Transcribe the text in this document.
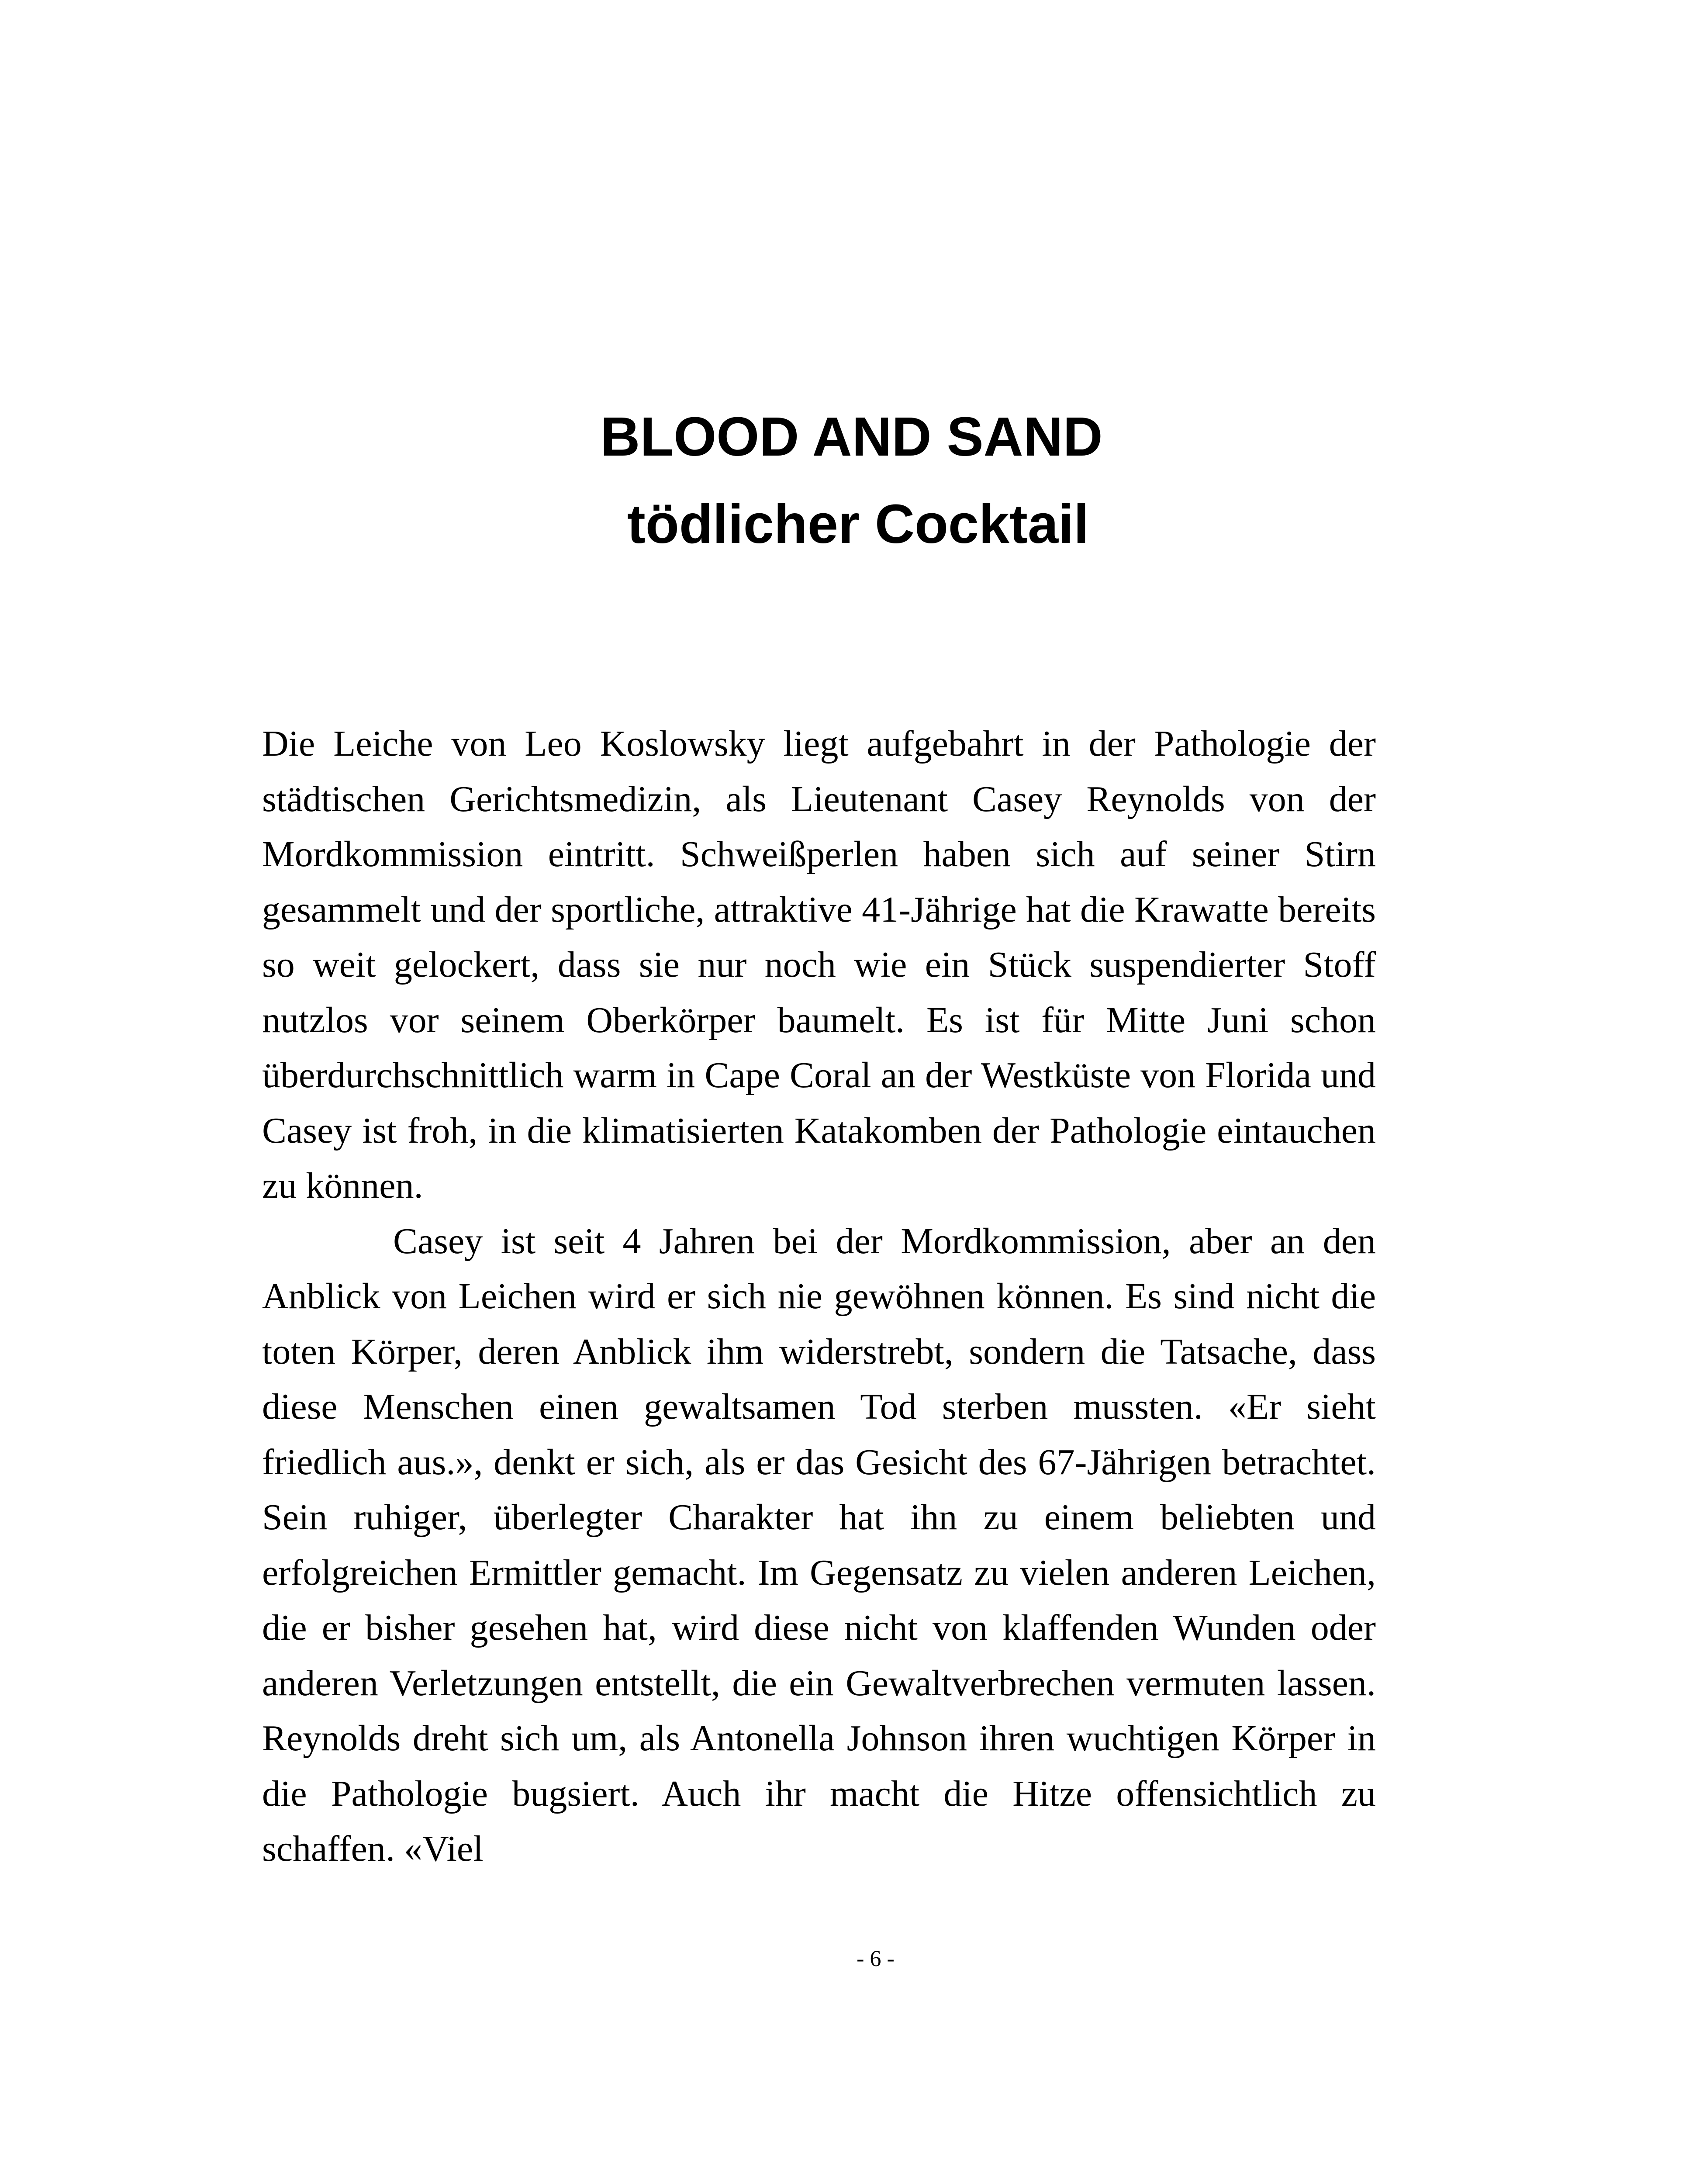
BLOOD AND SAND
tödlicher Cocktail

Die Leiche von Leo Koslowsky liegt aufgebahrt in der Pathologie der städtischen Gerichtsmedizin, als Lieutenant Casey Reynolds von der Mordkommission eintritt. Schweißperlen haben sich auf seiner Stirn gesammelt und der sportliche, attraktive 41-Jährige hat die Krawatte bereits so weit gelockert, dass sie nur noch wie ein Stück suspendierter Stoff nutzlos vor seinem Oberkörper baumelt. Es ist für Mitte Juni schon überdurchschnittlich warm in Cape Coral an der Westküste von Florida und Casey ist froh, in die klimatisierten Katakomben der Pathologie eintauchen zu können.

Casey ist seit 4 Jahren bei der Mordkommission, aber an den Anblick von Leichen wird er sich nie gewöhnen können. Es sind nicht die toten Körper, deren Anblick ihm widerstrebt, sondern die Tatsache, dass diese Menschen einen gewaltsamen Tod sterben mussten. «Er sieht friedlich aus.», denkt er sich, als er das Gesicht des 67-Jährigen betrachtet. Sein ruhiger, überlegter Charakter hat ihn zu einem beliebten und erfolgreichen Ermittler gemacht. Im Gegensatz zu vielen anderen Leichen, die er bisher gesehen hat, wird diese nicht von klaffenden Wunden oder anderen Verletzungen entstellt, die ein Gewaltverbrechen vermuten lassen. Reynolds dreht sich um, als Antonella Johnson ihren wuchtigen Körper in die Pathologie bugsiert. Auch ihr macht die Hitze offensichtlich zu schaffen. «Viel

- 6 -
